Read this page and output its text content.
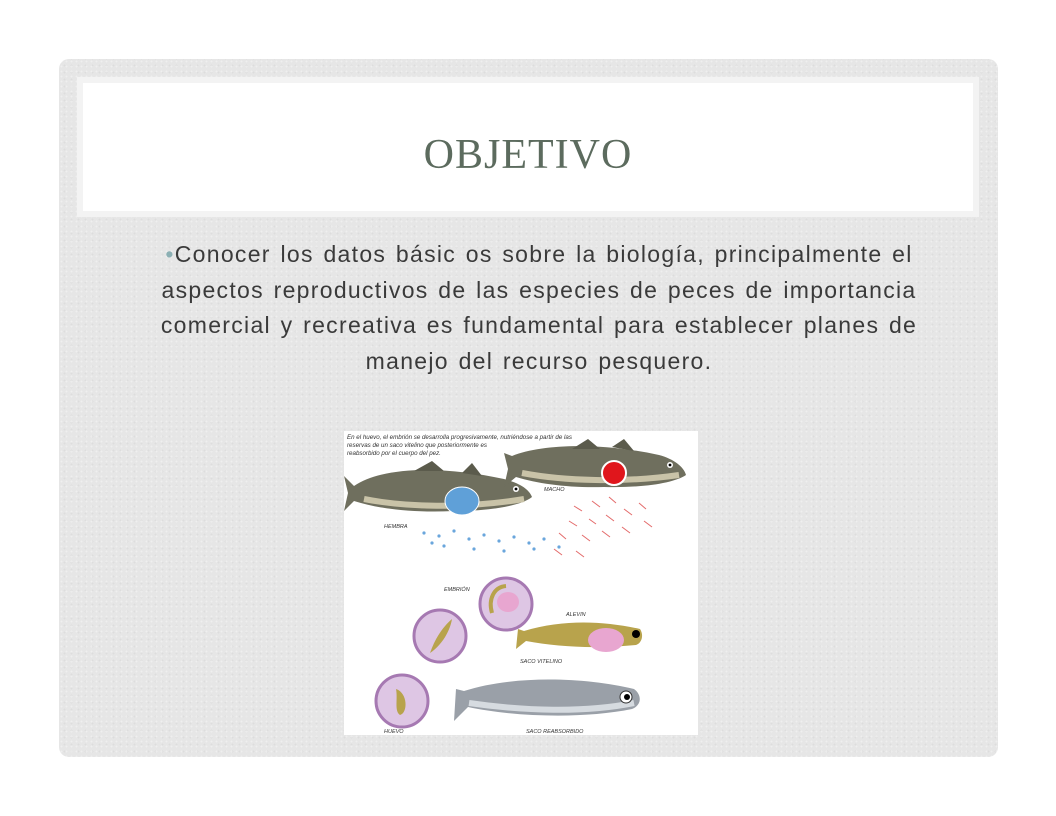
OBJETIVO
•Conocer los datos básic os sobre la biología, principalmente el aspectos reproductivos de las especies de peces de importancia comercial y recreativa es fundamental para establecer planes de manejo del recurso pesquero.
En el huevo, el embrión se desarrolla progresivamente, nutriéndose a partir de las
reservas de un saco vitelino que posteriormente es
reabsorbido por el cuerpo del pez.
HEMBRA
MACHO
HUEVO
EMBRIÓN
ALEVIN
SACO VITELINO
SACO REABSORBIDO
